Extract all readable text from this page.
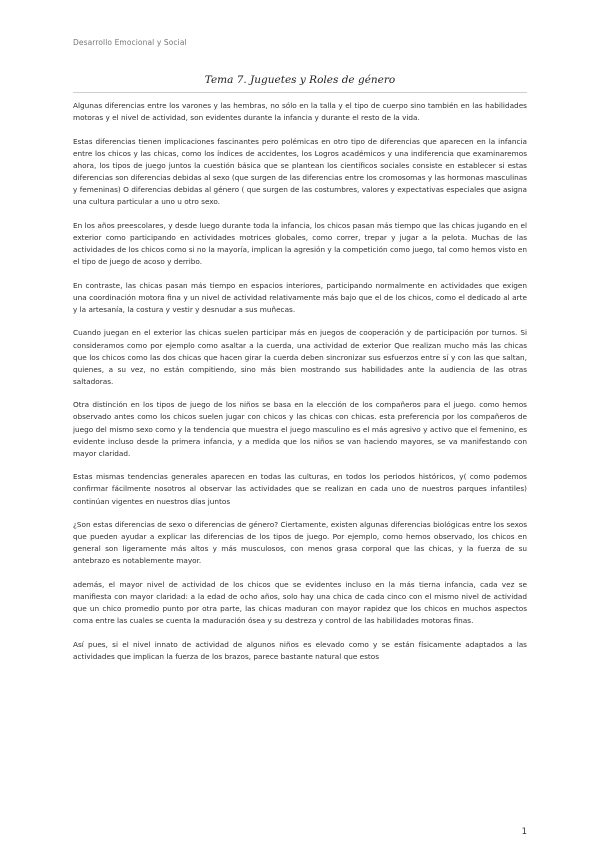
Desarrollo Emocional y Social
Tema 7. Juguetes y Roles de género

Algunas diferencias entre los varones y las hembras, no sólo en la talla y el tipo de cuerpo sino también en las habilidades motoras y el nivel de actividad, son evidentes durante la infancia y durante el resto de la vida.

Estas diferencias tienen implicaciones fascinantes pero polémicas en otro tipo de diferencias que aparecen en la infancia entre los chicos y las chicas, como los índices de accidentes, los Logros académicos y una indiferencia que examinaremos ahora, los tipos de juego juntos la cuestión básica que se plantean los científicos sociales consiste en establecer si estas diferencias son diferencias debidas al sexo (que surgen de las diferencias entre los cromosomas y las hormonas masculinas y femeninas) O diferencias debidas al género ( que surgen de las costumbres, valores y expectativas especiales que asigna una cultura particular a uno u otro sexo.

En los años preescolares, y desde luego durante toda la infancia, los chicos pasan más tiempo que las chicas jugando en el exterior como participando en actividades motrices globales, como correr, trepar y jugar a la pelota. Muchas de las actividades de los chicos como si no la mayoría, implican la agresión y la competición como juego, tal como hemos visto en el tipo de juego de acoso y derribo.

En contraste, las chicas pasan más tiempo en espacios interiores, participando normalmente en actividades que exigen una coordinación motora fina y un nivel de actividad relativamente más bajo que el de los chicos, como el dedicado al arte y la artesanía, la costura y vestir y desnudar a sus muñecas.

Cuando juegan en el exterior las chicas suelen participar más en juegos de cooperación y de participación por turnos. Si consideramos como por ejemplo como asaltar a la cuerda, una actividad de exterior Que realizan mucho más las chicas que los chicos como las dos chicas que hacen girar la cuerda deben sincronizar sus esfuerzos entre sí y con las que saltan, quienes, a su vez, no están compitiendo, sino más bien mostrando sus habilidades ante la audiencia de las otras saltadoras.

Otra distinción en los tipos de juego de los niños se basa en la elección de los compañeros para el juego. como hemos observado antes como los chicos suelen jugar con chicos y las chicas con chicas. esta preferencia por los compañeros de juego del mismo sexo como y la tendencia que muestra el juego masculino es el más agresivo y activo que el femenino, es evidente incluso desde la primera infancia, y a medida que los niños se van haciendo mayores, se va manifestando con mayor claridad.

Estas mismas tendencias generales aparecen en todas las culturas, en todos los periodos históricos, y( como podemos confirmar fácilmente nosotros al observar las actividades que se realizan en cada uno de nuestros parques infantiles) continúan vigentes en nuestros días juntos

¿Son estas diferencias de sexo o diferencias de género? Ciertamente, existen algunas diferencias biológicas entre los sexos que pueden ayudar a explicar las diferencias de los tipos de juego. Por ejemplo, como hemos observado, los chicos en general son ligeramente más altos y más musculosos, con menos grasa corporal que las chicas, y la fuerza de su antebrazo es notablemente mayor.

además, el mayor nivel de actividad de los chicos que se evidentes incluso en la más tierna infancia, cada vez se manifiesta con mayor claridad: a la edad de ocho años, solo hay una chica de cada cinco con el mismo nivel de actividad que un chico promedio punto por otra parte, las chicas maduran con mayor rapidez que los chicos en muchos aspectos coma entre las cuales se cuenta la maduración ósea y su destreza y control de las habilidades motoras finas.

Así pues, si el nivel innato de actividad de algunos niños es elevado como y se están físicamente adaptados a las actividades que implican la fuerza de los brazos, parece bastante natural que estos

1
